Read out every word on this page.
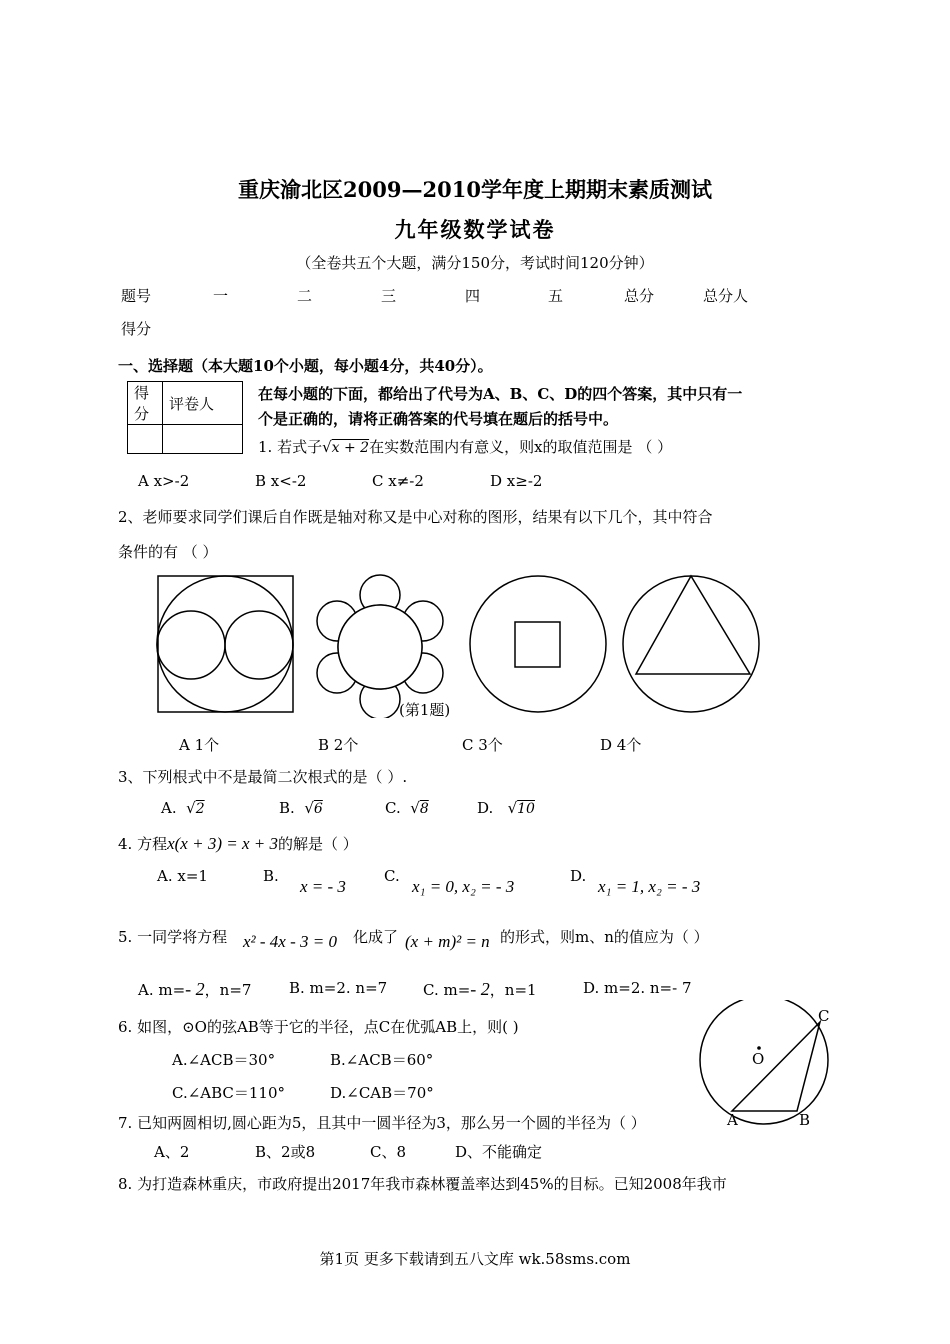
重庆渝北区2009—2010学年度上期期末素质测试
九年级数学试卷
（全卷共五个大题，满分150分，考试时间120分钟）
题号	一	二	三	四	五	总分	总分人
得分
一、选择题（本大题10个小题，每小题4分，共40分）。
得分	评卷人

在每小题的下面，都给出了代号为A、B、C、D的四个答案，其中只有一
个是正确的，请将正确答案的代号填在题后的括号中。
1. 若式子√x + 2在实数范围内有意义，则x的取值范围是 （ ）
A x>-2	B x<-2	C x≠-2	D x≥-2
2、老师要求同学们课后自作既是轴对称又是中心对称的图形，结果有以下几个，其中符合
条件的有 （ ）
(第1题)
A 1个	B 2个	C 3个	D 4个
3、下列根式中不是最简二次根式的是（ ）.
A. √2	B. √6	C. √8	D. √10
4. 方程x(x + 3) = x + 3的解是（ ）
A. x=1	B.
x = - 3
C.
x₁ = 0, x₂ = - 3
D.
x₁ = 1, x₂ = - 3
5. 一同学将方程 x² - 4x - 3 = 0 化成了 (x + m)² = n 的形式，则m、n的值应为（ ）
A. m=- 2，n=7	B. m=2. n=7 C. m=- 2，n=1	D. m=2. n=- 7
6. 如图，⊙O的弦AB等于它的半径，点C在优弧AB上，则( )
A.∠ACB＝30°	B.∠ACB＝60°
C.∠ABC＝110°	D.∠CAB＝70°
O
C
A	B
7. 已知两圆相切,圆心距为5，且其中一圆半径为3，那么另一个圆的半径为（ ）
A、2	B、2或8	C、8	D、不能确定
8. 为打造森林重庆，市政府提出2017年我市森林覆盖率达到45%的目标。已知2008年我市
第1页 更多下载请到五八文库 wk.58sms.com
